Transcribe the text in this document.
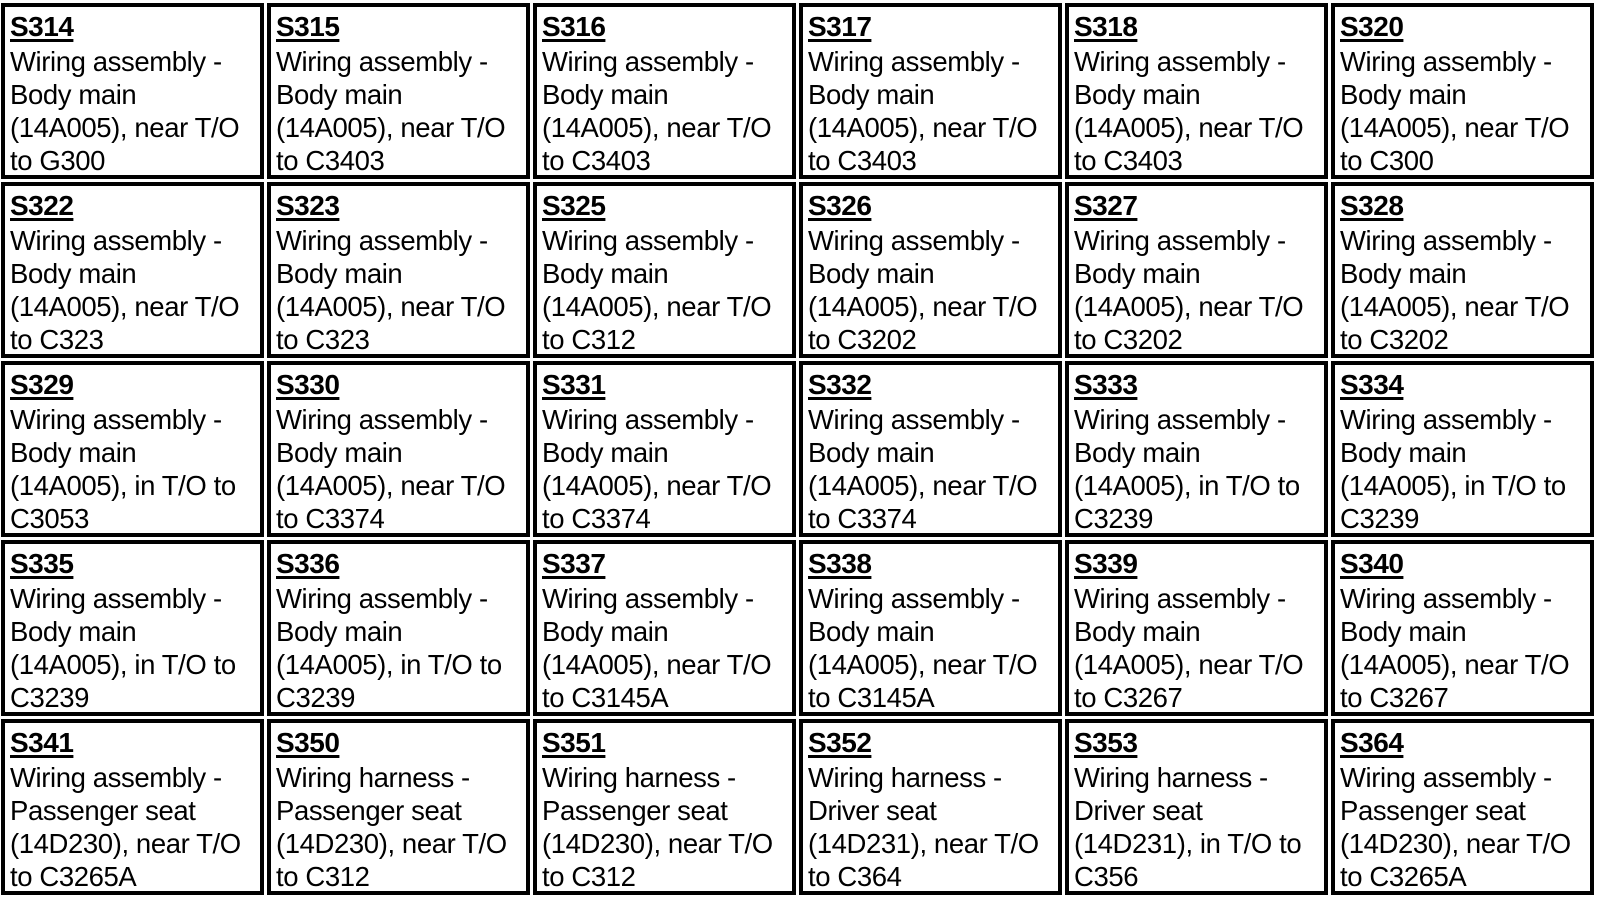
S314
Wiring assembly - Body main (14A005), near T/O to G300
S315
Wiring assembly - Body main (14A005), near T/O to C3403
S316
Wiring assembly - Body main (14A005), near T/O to C3403
S317
Wiring assembly - Body main (14A005), near T/O to C3403
S318
Wiring assembly - Body main (14A005), near T/O to C3403
S320
Wiring assembly - Body main (14A005), near T/O to C300
S322
Wiring assembly - Body main (14A005), near T/O to C323
S323
Wiring assembly - Body main (14A005), near T/O to C323
S325
Wiring assembly - Body main (14A005), near T/O to C312
S326
Wiring assembly - Body main (14A005), near T/O to C3202
S327
Wiring assembly - Body main (14A005), near T/O to C3202
S328
Wiring assembly - Body main (14A005), near T/O to C3202
S329
Wiring assembly - Body main (14A005), in T/O to C3053
S330
Wiring assembly - Body main (14A005), near T/O to C3374
S331
Wiring assembly - Body main (14A005), near T/O to C3374
S332
Wiring assembly - Body main (14A005), near T/O to C3374
S333
Wiring assembly - Body main (14A005), in T/O to C3239
S334
Wiring assembly - Body main (14A005), in T/O to C3239
S335
Wiring assembly - Body main (14A005), in T/O to C3239
S336
Wiring assembly - Body main (14A005), in T/O to C3239
S337
Wiring assembly - Body main (14A005), near T/O to C3145A
S338
Wiring assembly - Body main (14A005), near T/O to C3145A
S339
Wiring assembly - Body main (14A005), near T/O to C3267
S340
Wiring assembly - Body main (14A005), near T/O to C3267
S341
Wiring assembly - Passenger seat (14D230), near T/O to C3265A
S350
Wiring harness - Passenger seat (14D230), near T/O to C312
S351
Wiring harness - Passenger seat (14D230), near T/O to C312
S352
Wiring harness - Driver seat (14D231), near T/O to C364
S353
Wiring harness - Driver seat (14D231), in T/O to C356
S364
Wiring assembly - Passenger seat (14D230), near T/O to C3265A
